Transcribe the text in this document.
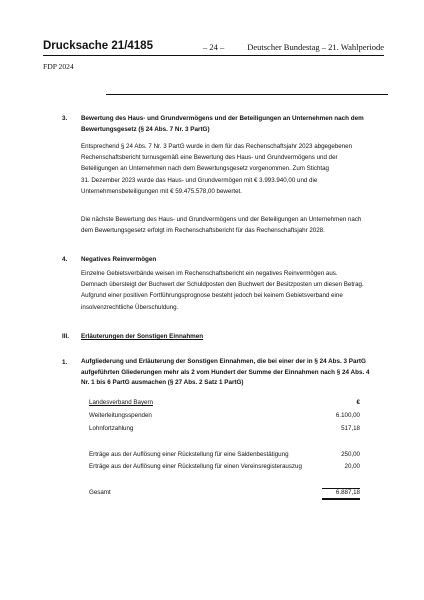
Drucksache 21/4185	– 24 –	Deutscher Bundestag – 21. Wahlperiode
FDP 2024
3. Bewertung des Haus- und Grundvermögens und der Beteiligungen an Unternehmen nach dem
Bewertungsgesetz (§ 24 Abs. 7 Nr. 3 PartG)
Entsprechend § 24 Abs. 7 Nr. 3 PartG wurde in dem für das Rechenschaftsjahr 2023 abgegebenen
Rechenschaftsbericht turnusgemäß eine Bewertung des Haus- und Grundvermögens und der
Beteiligungen an Unternehmen nach dem Bewertungsgesetz vorgenommen. Zum Stichtag
31. Dezember 2023 wurde das Haus- und Grundvermögen mit € 3.993.940,00 und die
Unternehmensbeteiligungen mit € 59.475.578,00 bewertet.
Die nächste Bewertung des Haus- und Grundvermögens und der Beteiligungen an Unternehmen nach
dem Bewertungsgesetz erfolgt im Rechenschaftsbericht für das Rechenschaftsjahr 2028.
4. Negatives Reinvermögen
Einzelne Gebietsverbände weisen im Rechenschaftsbericht ein negatives Reinvermögen aus.
Demnach übersteigt der Buchwert der Schuldposten den Buchwert der Besitzposten um diesen Betrag.
Aufgrund einer positiven Fortführungsprognose besteht jedoch bei keinem Gebietsverband eine
insolvenzrechtliche Überschuldung.
III. Erläuterungen der Sonstigen Einnahmen
1. Aufgliederung und Erläuterung der Sonstigen Einnahmen, die bei einer der in § 24 Abs. 3 PartG
aufgeführten Gliederungen mehr als 2 vom Hundert der Summe der Einnahmen nach § 24 Abs. 4
Nr. 1 bis 6 PartG ausmachen (§ 27 Abs. 2 Satz 1 PartG)
Landesverband Bayern	€
Weiterleitungsspenden	6.100,00
Lohnfortzahlung	517,18
Erträge aus der Auflösung einer Rückstellung für eine Saldenbestätigung	250,00
Erträge aus der Auflösung einer Rückstellung für einen Vereinsregisterauszug	20,00
Gesamt	6.887,18
